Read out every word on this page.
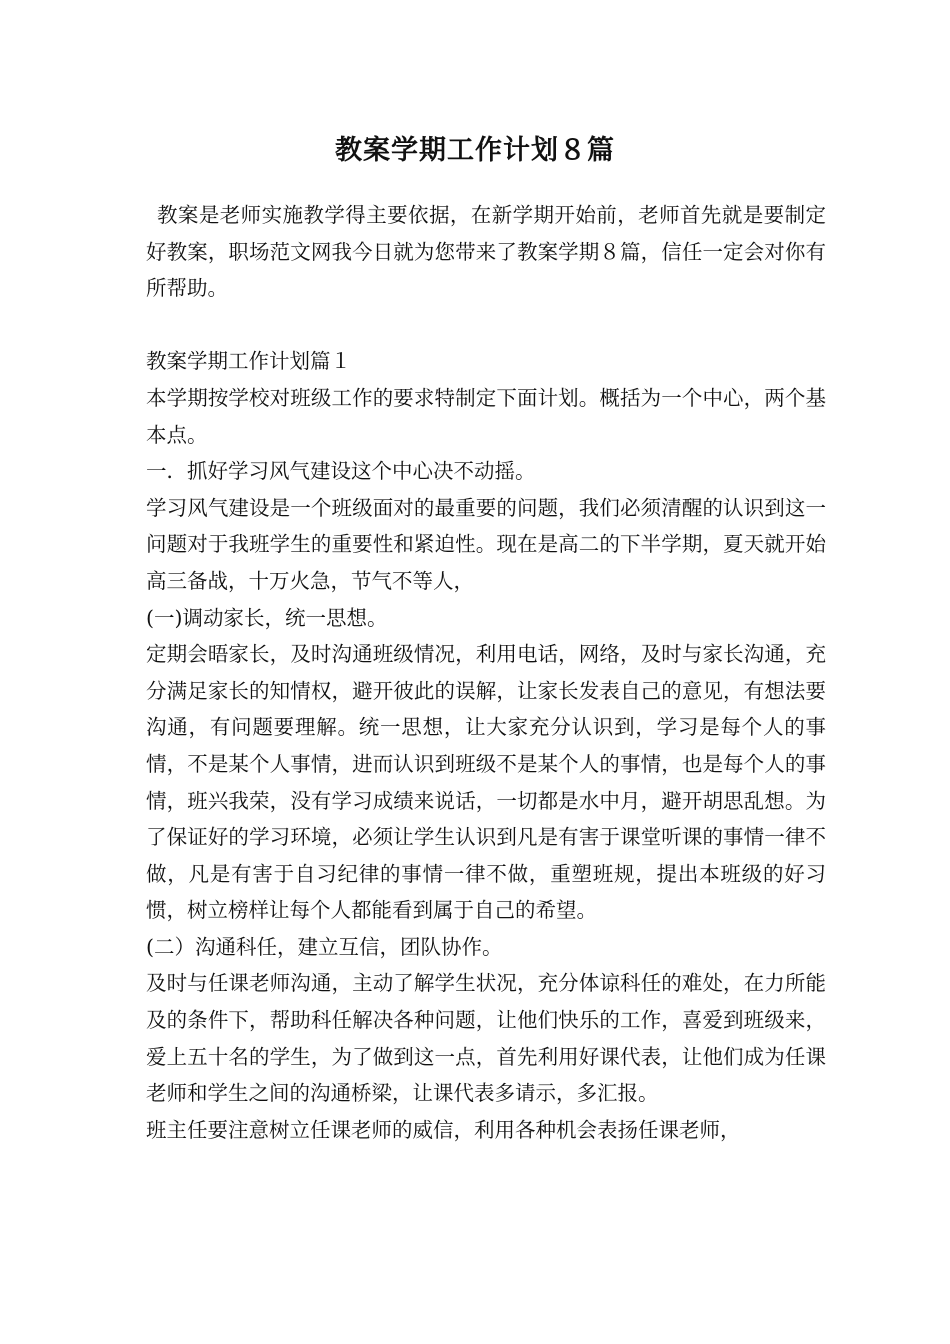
教案学期工作计划８篇

教案是老师实施教学得主要依据，在新学期开始前，老师首先就是要制定好教案，职场范文网我今日就为您带来了教案学期８篇，信任一定会对你有所帮助。

教案学期工作计划篇１

本学期按学校对班级工作的要求特制定下面计划。概括为一个中心，两个基本点。

一．抓好学习风气建设这个中心决不动摇。

学习风气建设是一个班级面对的最重要的问题，我们必须清醒的认识到这一问题对于我班学生的重要性和紧迫性。现在是高二的下半学期，夏天就开始高三备战，十万火急，节气不等人，

(一)调动家长，统一思想。

定期会晤家长，及时沟通班级情况，利用电话，网络，及时与家长沟通，充分满足家长的知情权，避开彼此的误解，让家长发表自己的意见，有想法要沟通，有问题要理解。统一思想，让大家充分认识到，学习是每个人的事情，不是某个人事情，进而认识到班级不是某个人的事情，也是每个人的事情，班兴我荣，没有学习成绩来说话，一切都是水中月，避开胡思乱想。为了保证好的学习环境，必须让学生认识到凡是有害于课堂听课的事情一律不做，凡是有害于自习纪律的事情一律不做，重塑班规，提出本班级的好习惯，树立榜样让每个人都能看到属于自己的希望。

(二）沟通科任，建立互信，团队协作。

及时与任课老师沟通，主动了解学生状况，充分体谅科任的难处，在力所能及的条件下，帮助科任解决各种问题，让他们快乐的工作，喜爱到班级来，爱上五十名的学生，为了做到这一点，首先利用好课代表，让他们成为任课老师和学生之间的沟通桥梁，让课代表多请示，多汇报。

班主任要注意树立任课老师的威信，利用各种机会表扬任课老师，
